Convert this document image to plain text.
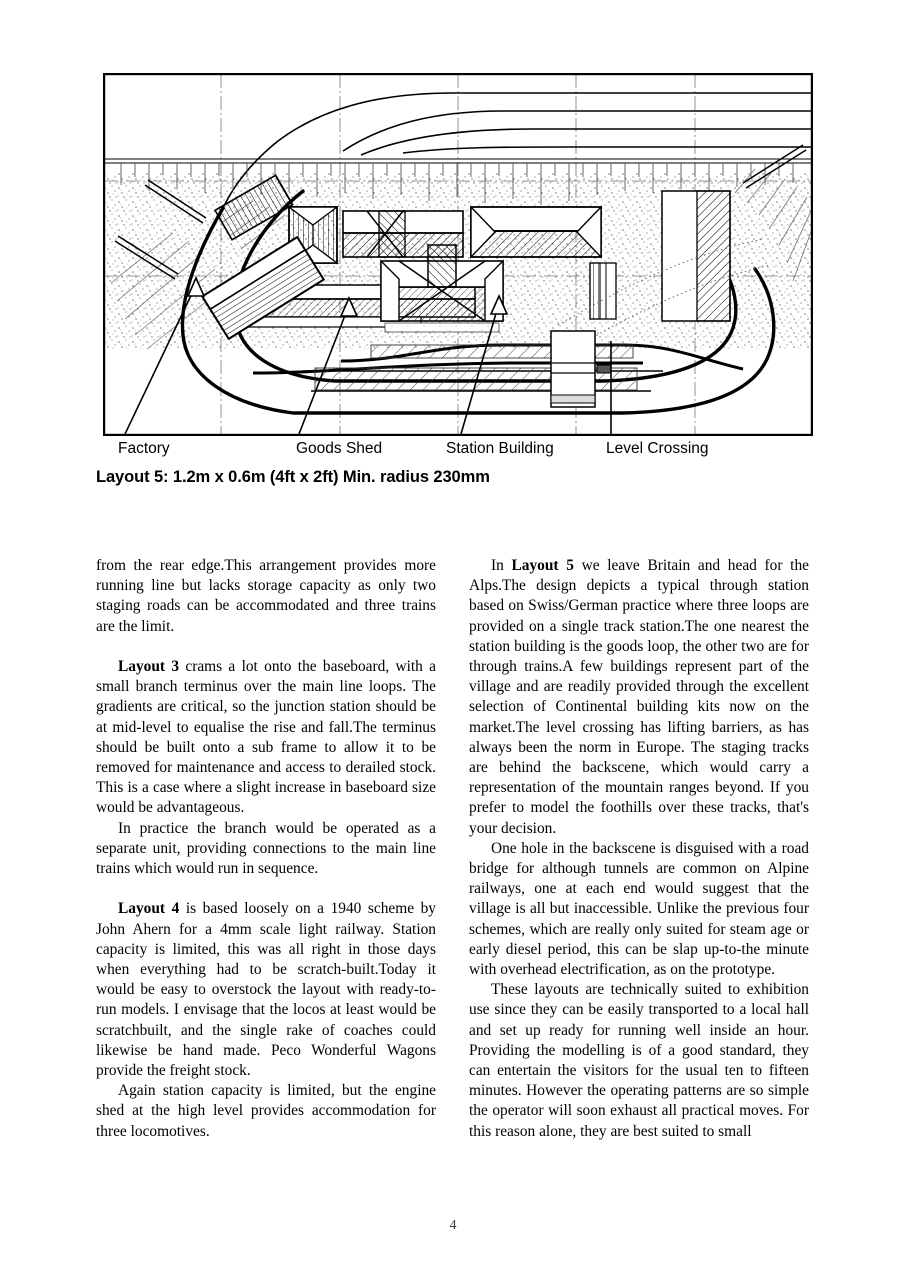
Factory	Goods Shed	Station Building	Level Crossing
Layout 5: 1.2m x 0.6m (4ft x 2ft) Min. radius 230mm

from the rear edge.This arrangement provides more running line but lacks storage capacity as only two staging roads can be accommodated and three trains are the limit.

Layout 3 crams a lot onto the baseboard, with a small branch terminus over the main line loops. The gradients are critical, so the junction station should be at mid-level to equalise the rise and fall.The terminus should be built onto a sub frame to allow it to be removed for maintenance and access to derailed stock. This is a case where a slight increase in baseboard size would be advantageous.

In practice the branch would be operated as a separate unit, providing connections to the main line trains which would run in sequence.

Layout 4 is based loosely on a 1940 scheme by John Ahern for a 4mm scale light railway. Station capacity is limited, this was all right in those days when everything had to be scratch-built.Today it would be easy to overstock the layout with ready-to-run models. I envisage that the locos at least would be scratchbuilt, and the single rake of coaches could likewise be hand made. Peco Wonderful Wagons provide the freight stock.

Again station capacity is limited, but the engine shed at the high level provides accommodation for three locomotives.

In Layout 5 we leave Britain and head for the Alps.The design depicts a typical through station based on Swiss/German practice where three loops are provided on a single track station.The one nearest the station building is the goods loop, the other two are for through trains.A few buildings represent part of the village and are readily provided through the excellent selection of Continental building kits now on the market.The level crossing has lifting barriers, as has always been the norm in Europe. The staging tracks are behind the backscene, which would carry a representation of the mountain ranges beyond. If you prefer to model the foothills over these tracks, that's your decision.

One hole in the backscene is disguised with a road bridge for although tunnels are common on Alpine railways, one at each end would suggest that the village is all but inaccessible. Unlike the previous four schemes, which are really only suited for steam age or early diesel period, this can be slap up-to-the minute with overhead electrification, as on the prototype.

These layouts are technically suited to exhibition use since they can be easily transported to a local hall and set up ready for running well inside an hour. Providing the modelling is of a good standard, they can entertain the visitors for the usual ten to fifteen minutes. However the operating patterns are so simple the operator will soon exhaust all practical moves. For this reason alone, they are best suited to small

4
